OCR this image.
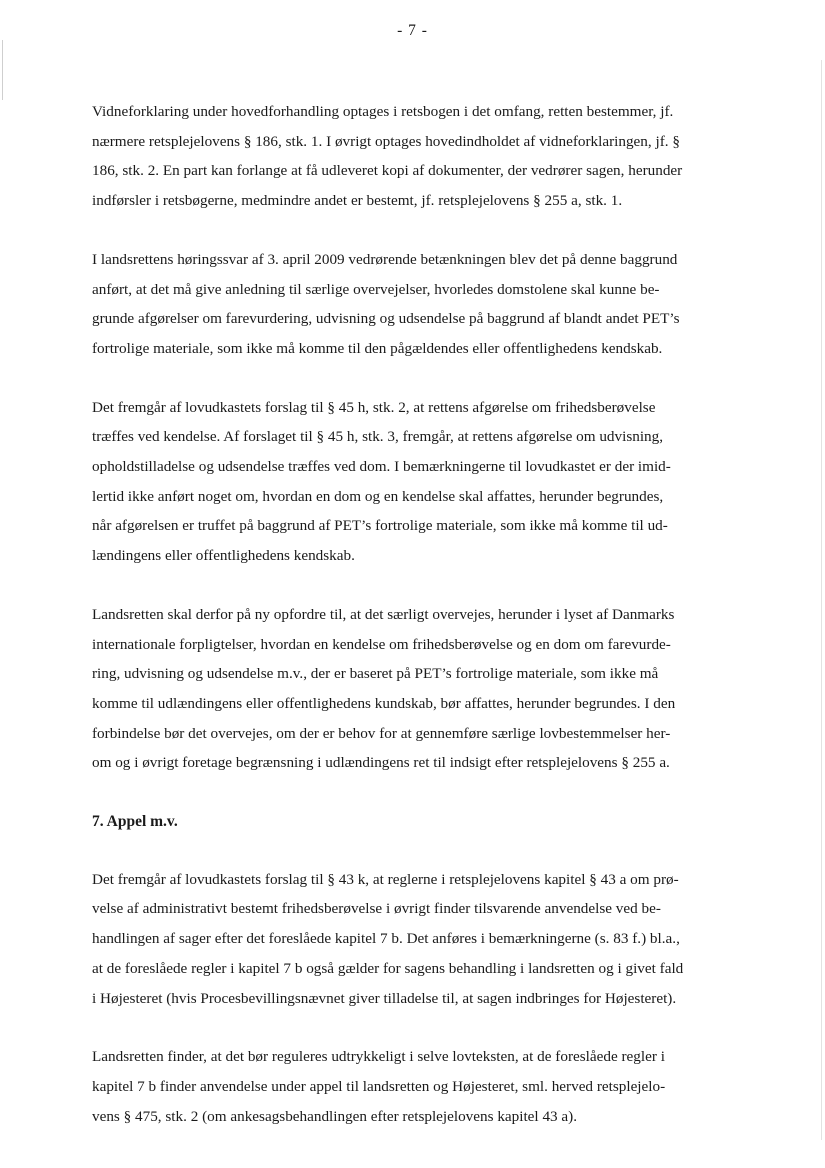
- 7 -

Vidneforklaring under hovedforhandling optages i retsbogen i det omfang, retten bestemmer, jf.
nærmere retsplejelovens § 186, stk. 1. I øvrigt optages hovedindholdet af vidneforklaringen, jf. §
186, stk. 2. En part kan forlange at få udleveret kopi af dokumenter, der vedrører sagen, herunder
indførsler i retsbøgerne, medmindre andet er bestemt, jf. retsplejelovens § 255 a, stk. 1.

I landsrettens høringssvar af 3. april 2009 vedrørende betænkningen blev det på denne baggrund
anført, at det må give anledning til særlige overvejelser, hvorledes domstolene skal kunne be-
grunde afgørelser om farevurdering, udvisning og udsendelse på baggrund af blandt andet PET’s
fortrolige materiale, som ikke må komme til den pågældendes eller offentlighedens kendskab.

Det fremgår af lovudkastets forslag til § 45 h, stk. 2, at rettens afgørelse om frihedsberøvelse
træffes ved kendelse. Af forslaget til § 45 h, stk. 3, fremgår, at rettens afgørelse om udvisning,
opholdstilladelse og udsendelse træffes ved dom. I bemærkningerne til lovudkastet er der imid-
lertid ikke anført noget om, hvordan en dom og en kendelse skal affattes, herunder begrundes,
når afgørelsen er truffet på baggrund af PET’s fortrolige materiale, som ikke må komme til ud-
lændingens eller offentlighedens kendskab.

Landsretten skal derfor på ny opfordre til, at det særligt overvejes, herunder i lyset af Danmarks
internationale forpligtelser, hvordan en kendelse om frihedsberøvelse og en dom om farevurde-
ring, udvisning og udsendelse m.v., der er baseret på PET’s fortrolige materiale, som ikke må
komme til udlændingens eller offentlighedens kundskab, bør affattes, herunder begrundes. I den
forbindelse bør det overvejes, om der er behov for at gennemføre særlige lovbestemmelser her-
om og i øvrigt foretage begrænsning i udlændingens ret til indsigt efter retsplejelovens § 255 a.

7. Appel m.v.

Det fremgår af lovudkastets forslag til § 43 k, at reglerne i retsplejelovens kapitel § 43 a om prø-
velse af administrativt bestemt frihedsberøvelse i øvrigt finder tilsvarende anvendelse ved be-
handlingen af sager efter det foreslåede kapitel 7 b. Det anføres i bemærkningerne (s. 83 f.) bl.a.,
at de foreslåede regler i kapitel 7 b også gælder for sagens behandling i landsretten og i givet fald
i Højesteret (hvis Procesbevillingsnævnet giver tilladelse til, at sagen indbringes for Højesteret).

Landsretten finder, at det bør reguleres udtrykkeligt i selve lovteksten, at de foreslåede regler i
kapitel 7 b finder anvendelse under appel til landsretten og Højesteret, sml. herved retsplejelo-
vens § 475, stk. 2 (om ankesagsbehandlingen efter retsplejelovens kapitel 43 a).
